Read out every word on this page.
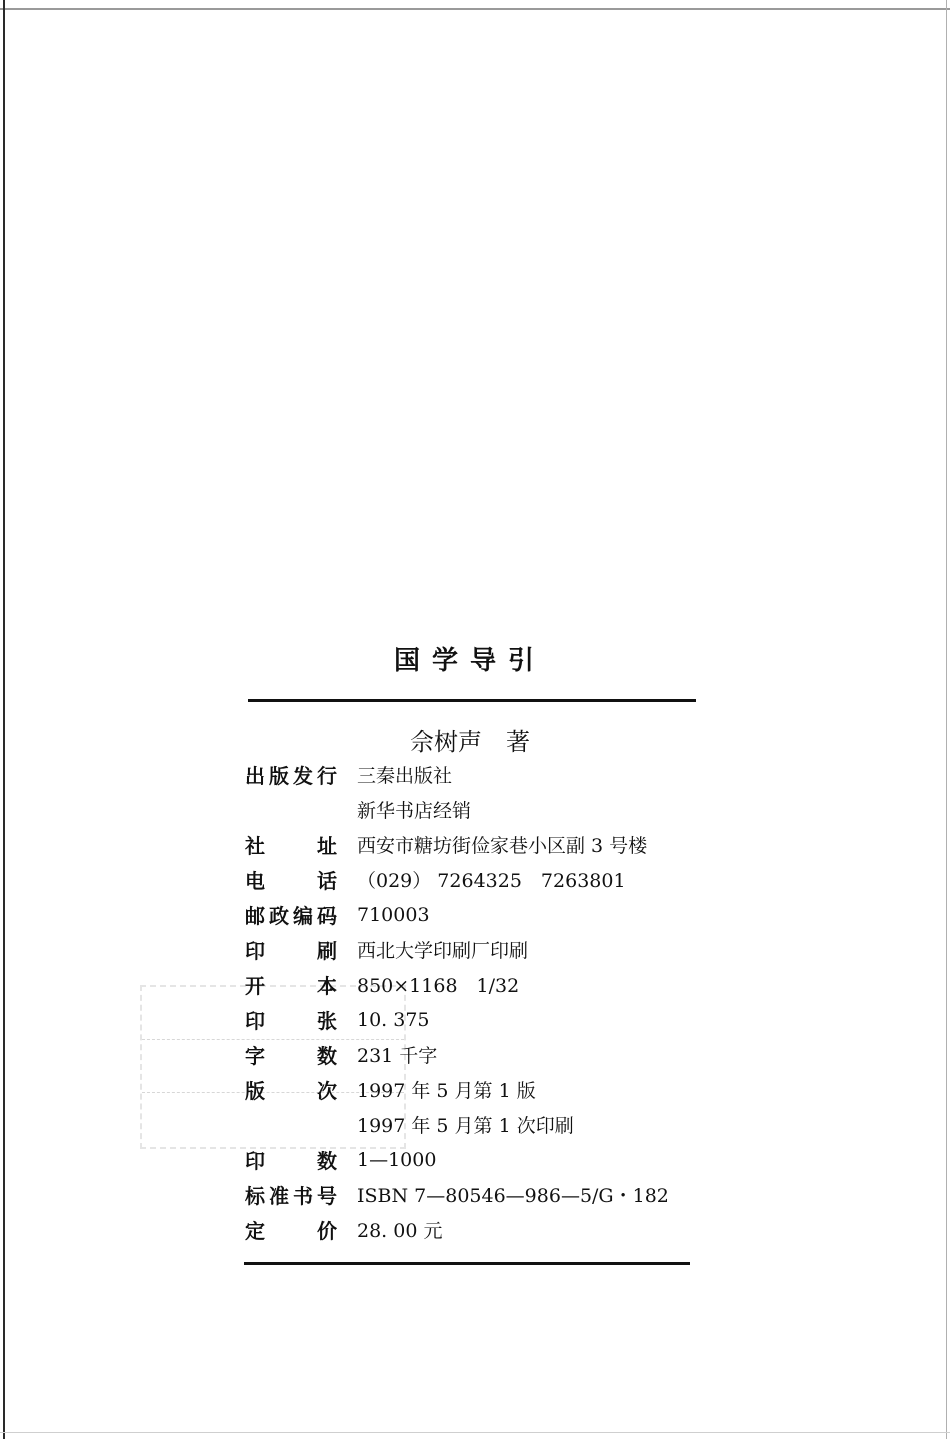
国学导引
佘树声　著
出 版 发 行 三秦出版社
新华书店经销
社	址 西安市糖坊街俭家巷小区副 3 号楼
电	话 （029） 7264325　7263801
邮 政 编 码 710003
印	刷 西北大学印刷厂印刷
开	本 850×1168　1/32
印	张 10. 375
字	数 231 千字
版	次 1997 年 5 月第 1 版
1997 年 5 月第 1 次印刷
印	数 1—1000
标 准 书 号 ISBN 7—80546—986—5/G・182
定	价 28. 00 元
